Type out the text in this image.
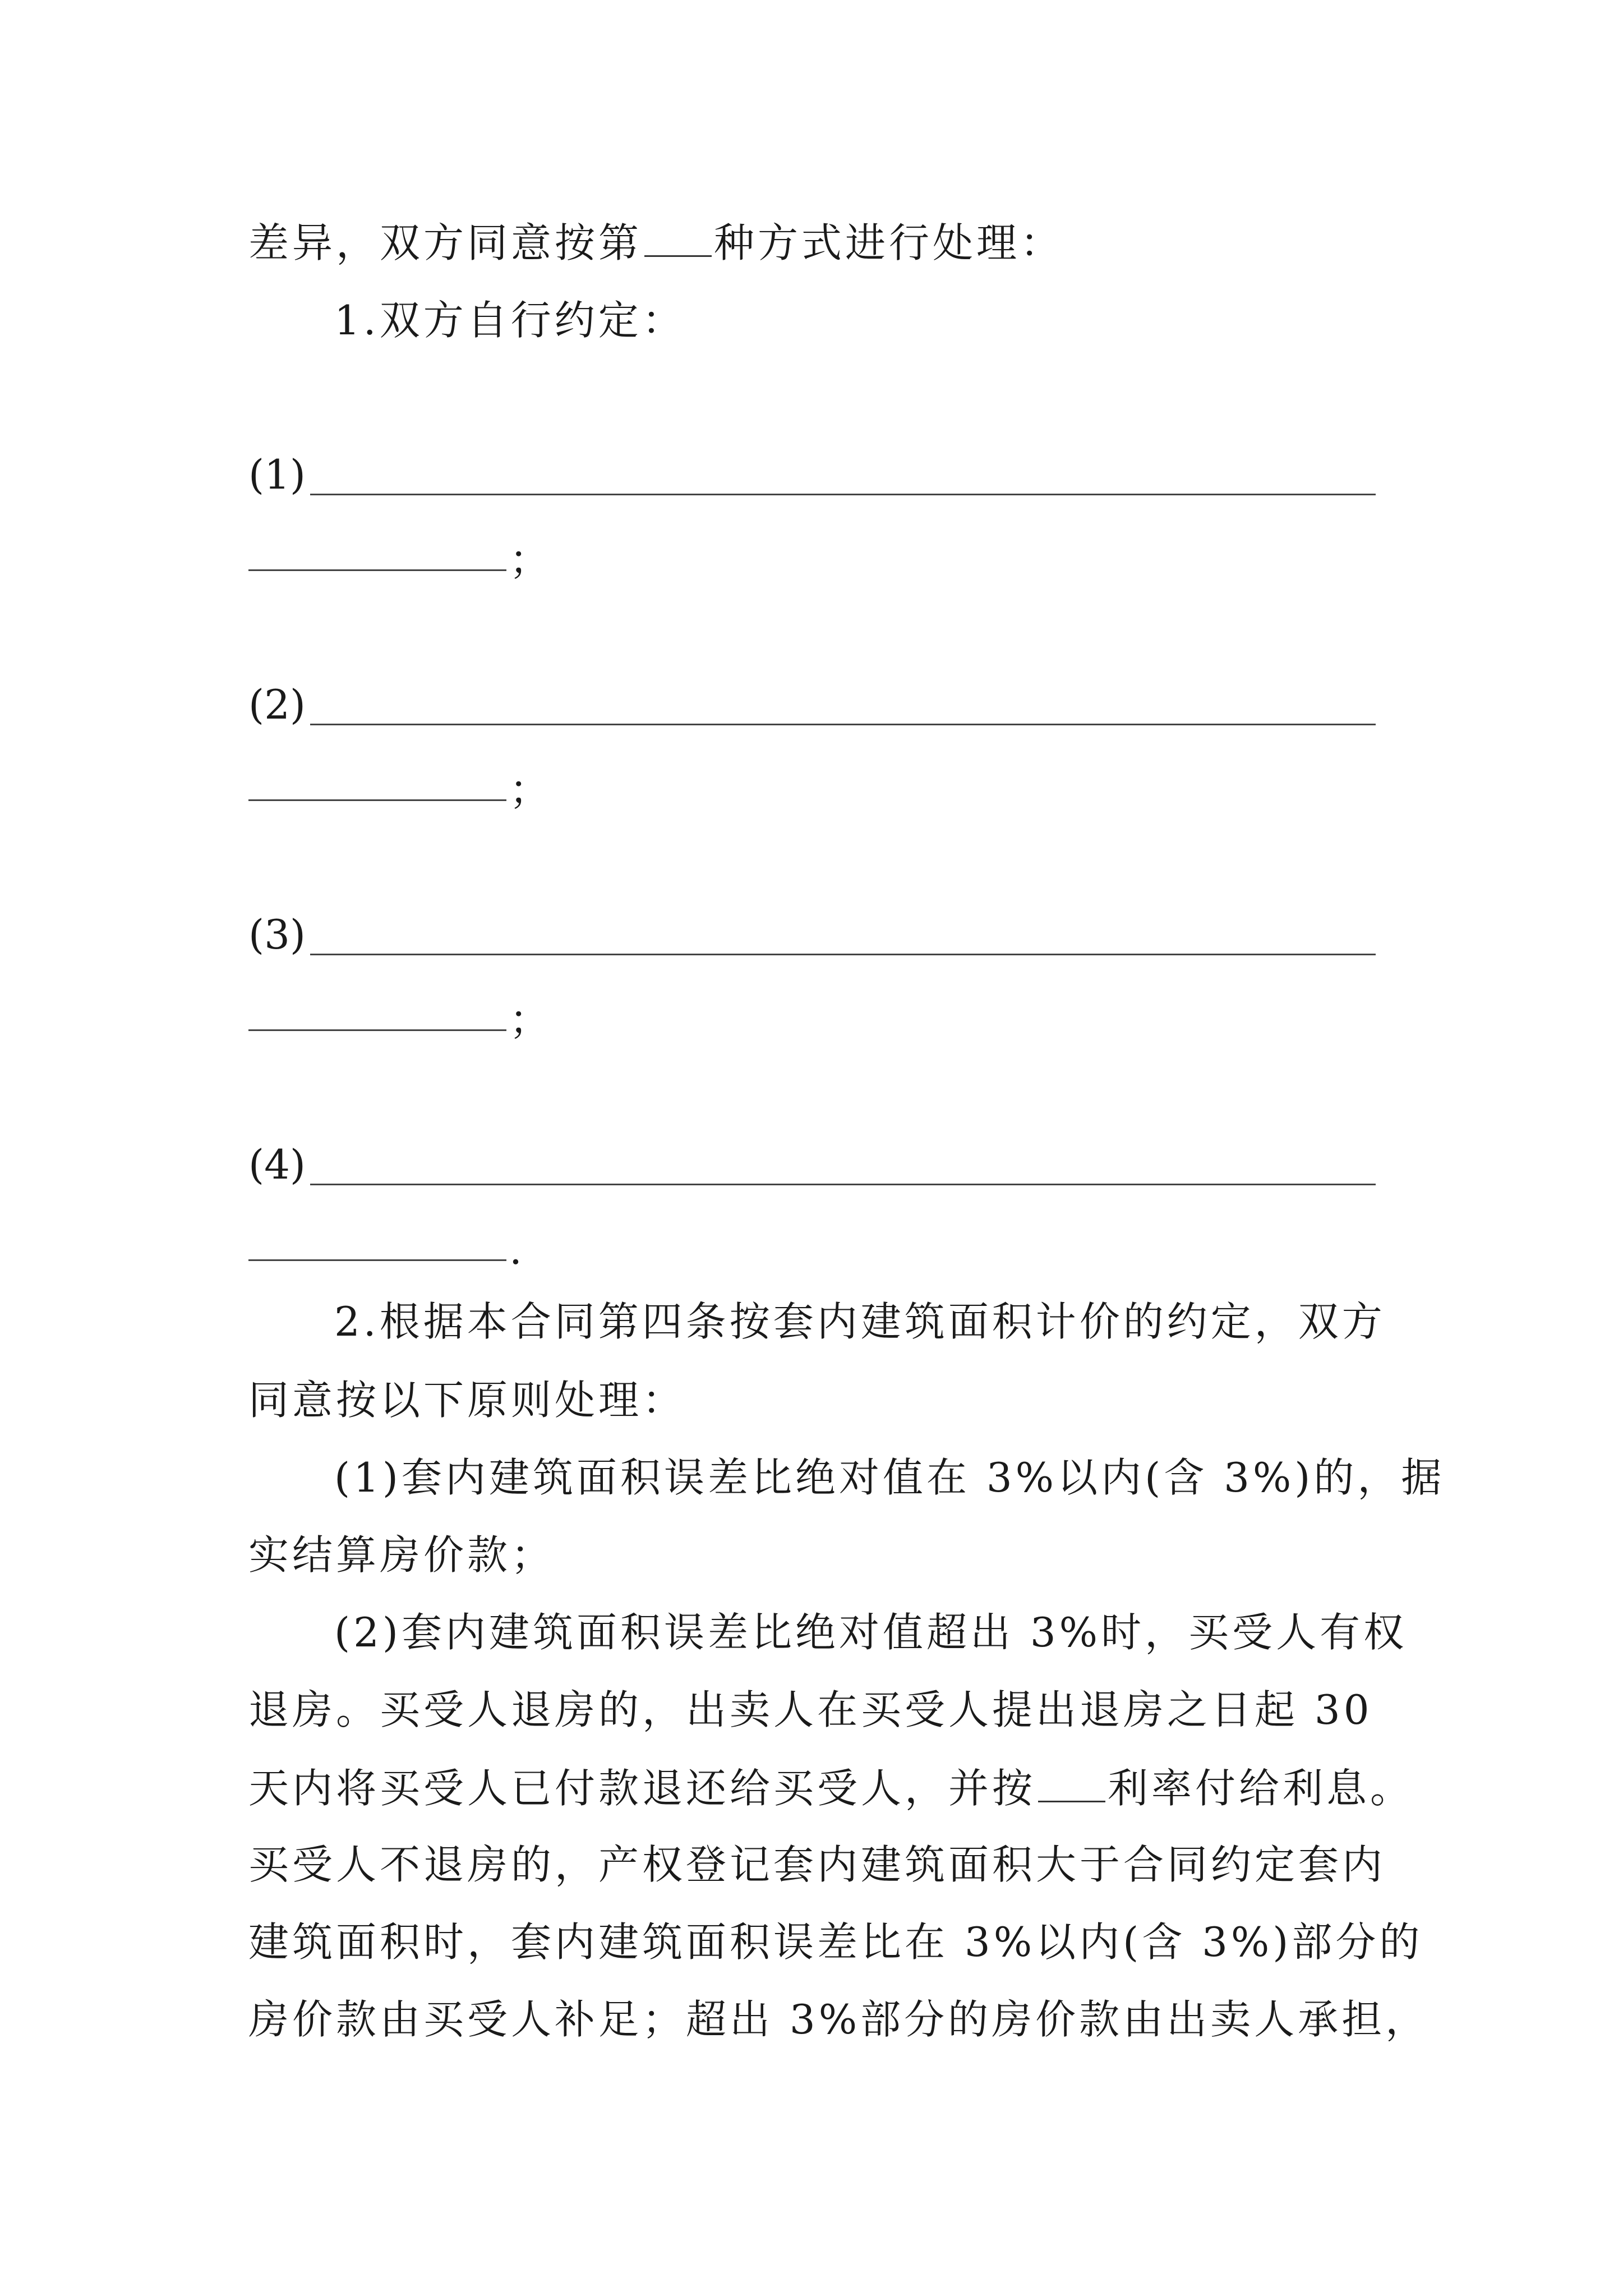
差异，双方同意按第 种方式进行处理：
1.双方自行约定：
(1)
；
(2)
；
(3)
；
(4)
.
2.根据本合同第四条按套内建筑面积计价的约定，双方
同意按以下原则处理：
(1)套内建筑面积误差比绝对值在 3%以内(含 3%)的，据
实结算房价款；
(2)套内建筑面积误差比绝对值超出 3%时，买受人有权
退房。买受人退房的，出卖人在买受人提出退房之日起 30
天内将买受人已付款退还给买受人，并按 利率付给利息。
买受人不退房的，产权登记套内建筑面积大于合同约定套内
建筑面积时，套内建筑面积误差比在 3%以内(含 3%)部分的
房价款由买受人补足；超出 3%部分的房价款由出卖人承担，
